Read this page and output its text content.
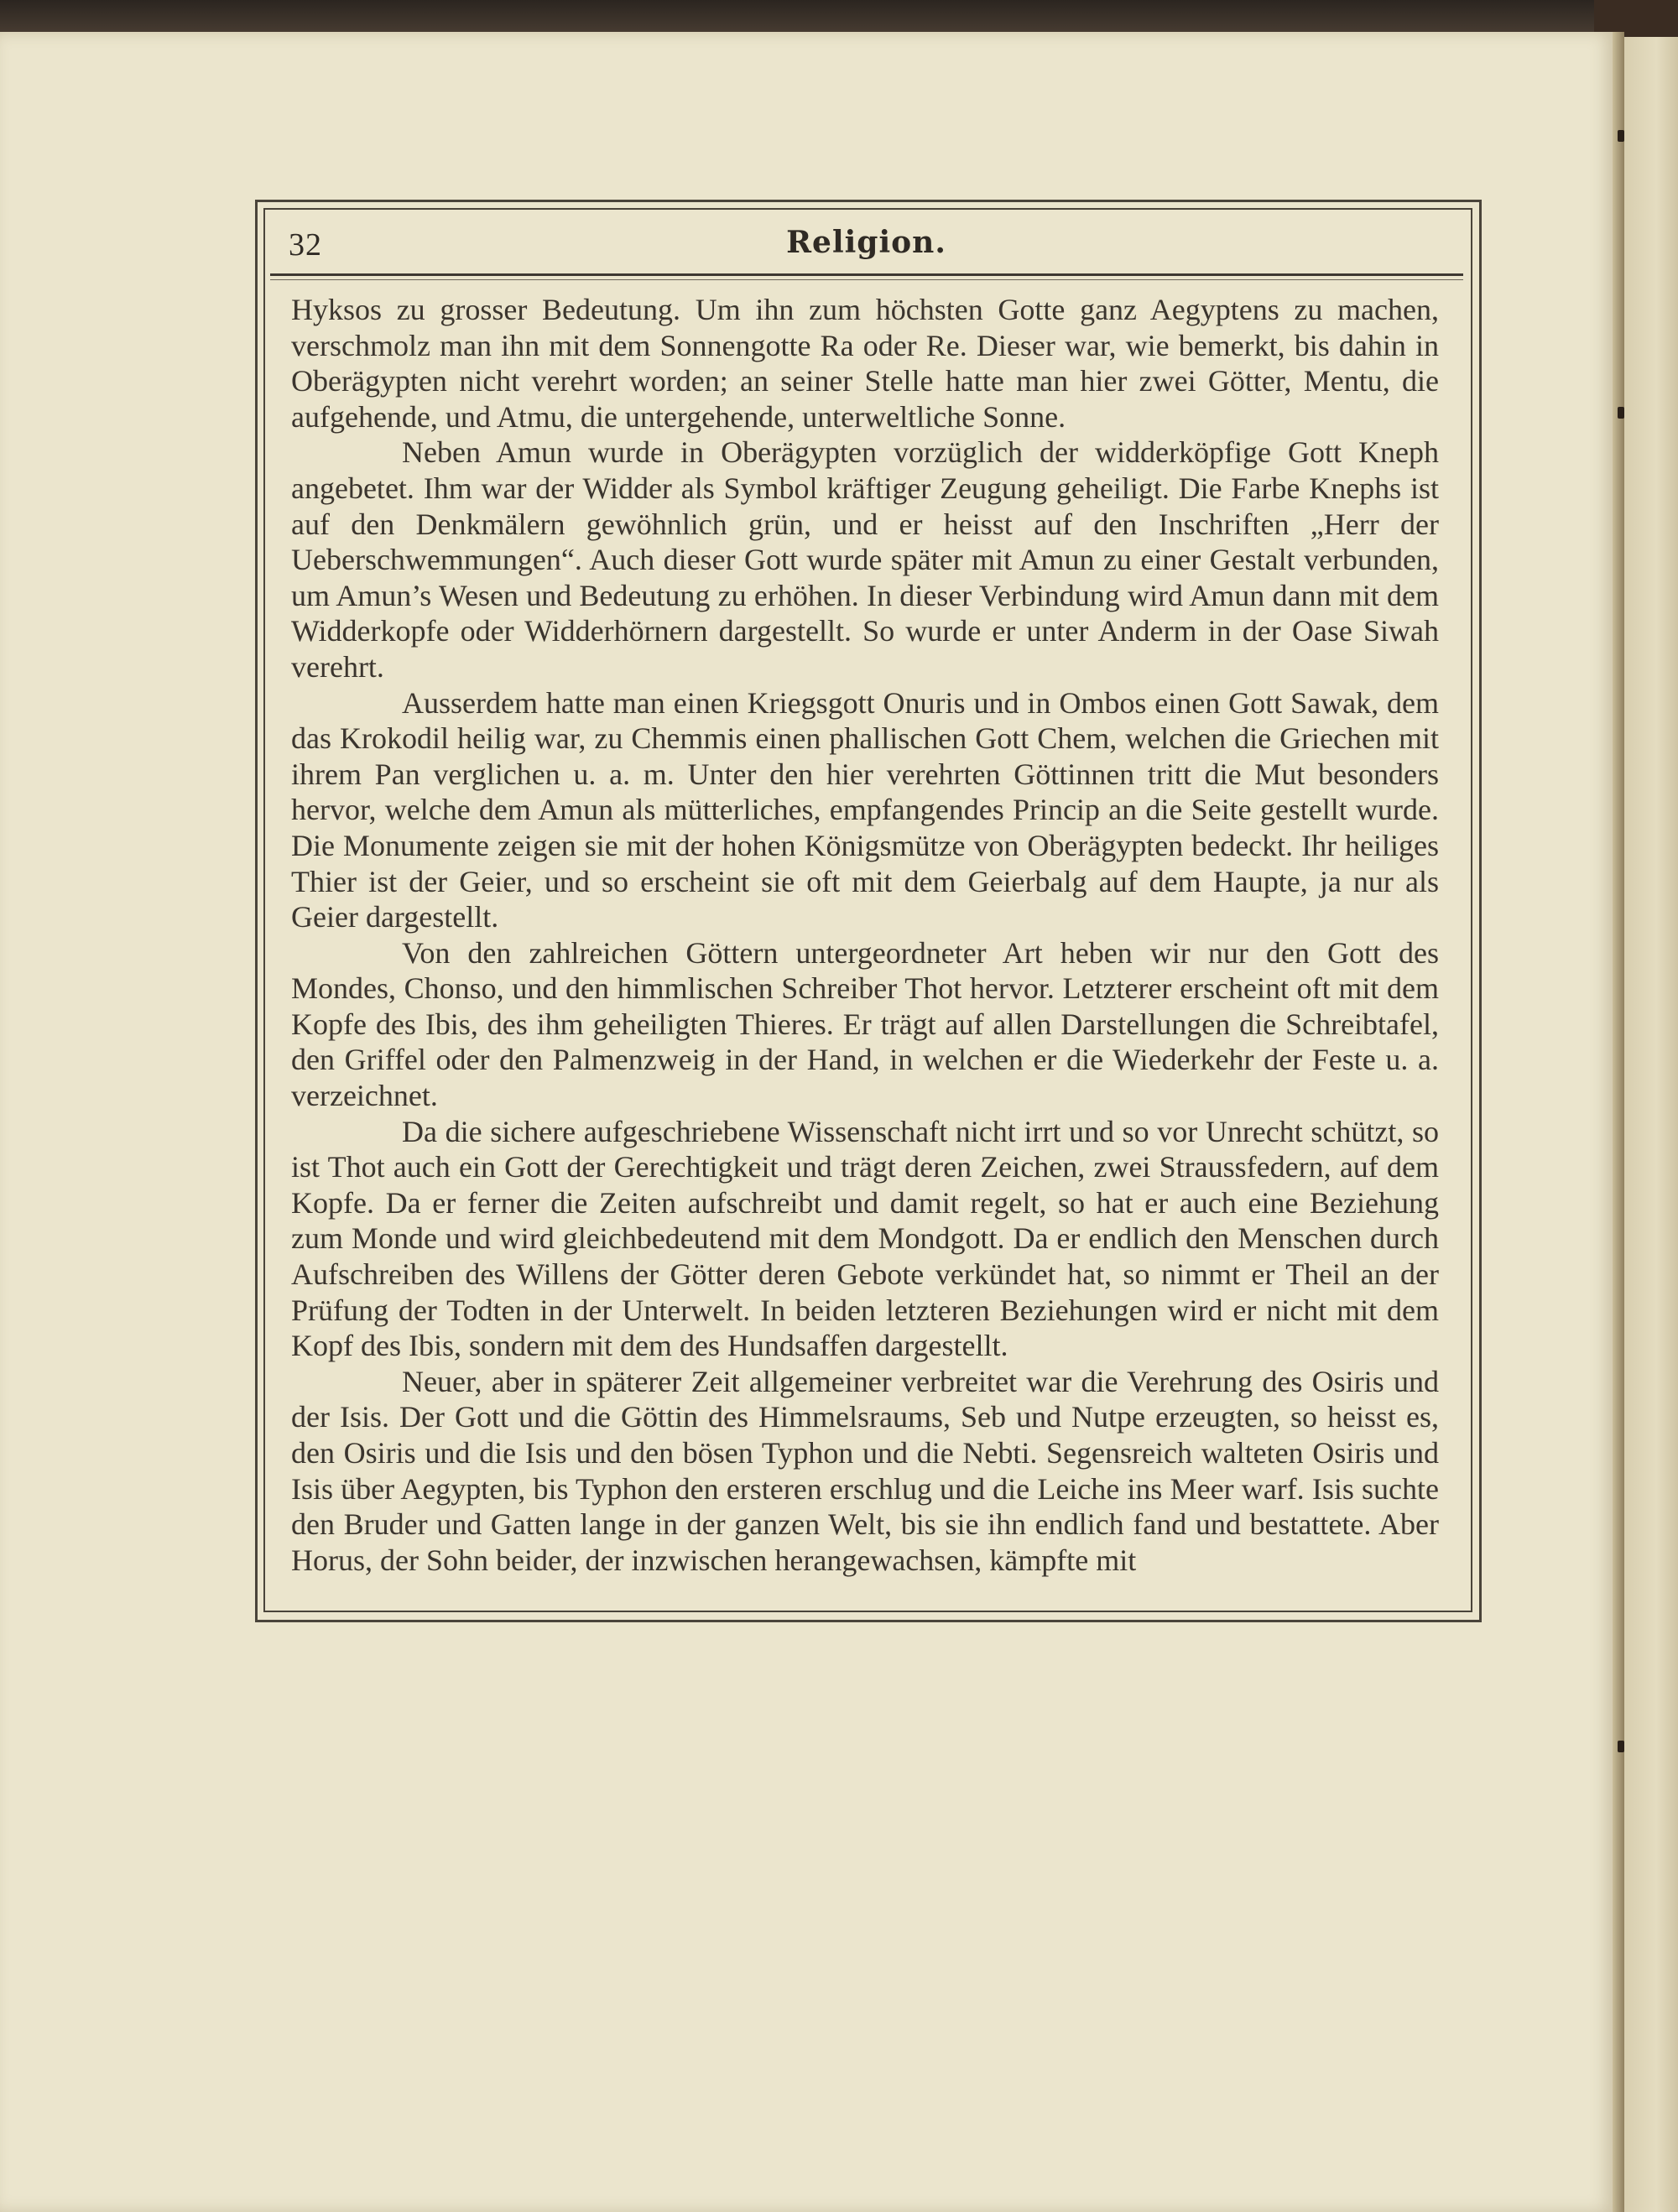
32	Religion.

Hyksos zu grosser Bedeutung. Um ihn zum höchsten Gotte ganz Aegyptens zu machen, verschmolz man ihn mit dem Sonnengotte Ra oder Re. Dieser war, wie bemerkt, bis dahin in Oberägypten nicht verehrt worden; an seiner Stelle hatte man hier zwei Götter, Mentu, die aufgehende, und Atmu, die untergehende, unterweltliche Sonne.

Neben Amun wurde in Oberägypten vorzüglich der widderköpfige Gott Kneph angebetet. Ihm war der Widder als Symbol kräftiger Zeugung geheiligt. Die Farbe Knephs ist auf den Denkmälern gewöhnlich grün, und er heisst auf den Inschriften „Herr der Ueberschwemmungen“. Auch dieser Gott wurde später mit Amun zu einer Gestalt verbunden, um Amun’s Wesen und Bedeutung zu erhöhen. In dieser Verbindung wird Amun dann mit dem Widderkopfe oder Widderhörnern dargestellt. So wurde er unter Anderm in der Oase Siwah verehrt.

Ausserdem hatte man einen Kriegsgott Onuris und in Ombos einen Gott Sawak, dem das Krokodil heilig war, zu Chemmis einen phallischen Gott Chem, welchen die Griechen mit ihrem Pan verglichen u. a. m. Unter den hier verehrten Göttinnen tritt die Mut besonders hervor, welche dem Amun als mütterliches, empfangendes Princip an die Seite gestellt wurde. Die Monumente zeigen sie mit der hohen Königsmütze von Oberägypten bedeckt. Ihr heiliges Thier ist der Geier, und so erscheint sie oft mit dem Geierbalg auf dem Haupte, ja nur als Geier dargestellt.

Von den zahlreichen Göttern untergeordneter Art heben wir nur den Gott des Mondes, Chonso, und den himmlischen Schreiber Thot hervor. Letzterer erscheint oft mit dem Kopfe des Ibis, des ihm geheiligten Thieres. Er trägt auf allen Darstellungen die Schreibtafel, den Griffel oder den Palmenzweig in der Hand, in welchen er die Wiederkehr der Feste u. a. verzeichnet.

Da die sichere aufgeschriebene Wissenschaft nicht irrt und so vor Unrecht schützt, so ist Thot auch ein Gott der Gerechtigkeit und trägt deren Zeichen, zwei Straussfedern, auf dem Kopfe. Da er ferner die Zeiten aufschreibt und damit regelt, so hat er auch eine Beziehung zum Monde und wird gleichbedeutend mit dem Mondgott. Da er endlich den Menschen durch Aufschreiben des Willens der Götter deren Gebote verkündet hat, so nimmt er Theil an der Prüfung der Todten in der Unterwelt. In beiden letzteren Beziehungen wird er nicht mit dem Kopf des Ibis, sondern mit dem des Hundsaffen dargestellt.

Neuer, aber in späterer Zeit allgemeiner verbreitet war die Verehrung des Osiris und der Isis. Der Gott und die Göttin des Himmelsraums, Seb und Nutpe erzeugten, so heisst es, den Osiris und die Isis und den bösen Typhon und die Nebti. Segensreich walteten Osiris und Isis über Aegypten, bis Typhon den ersteren erschlug und die Leiche ins Meer warf. Isis suchte den Bruder und Gatten lange in der ganzen Welt, bis sie ihn endlich fand und bestattete. Aber Horus, der Sohn beider, der inzwischen herangewachsen, kämpfte mit
